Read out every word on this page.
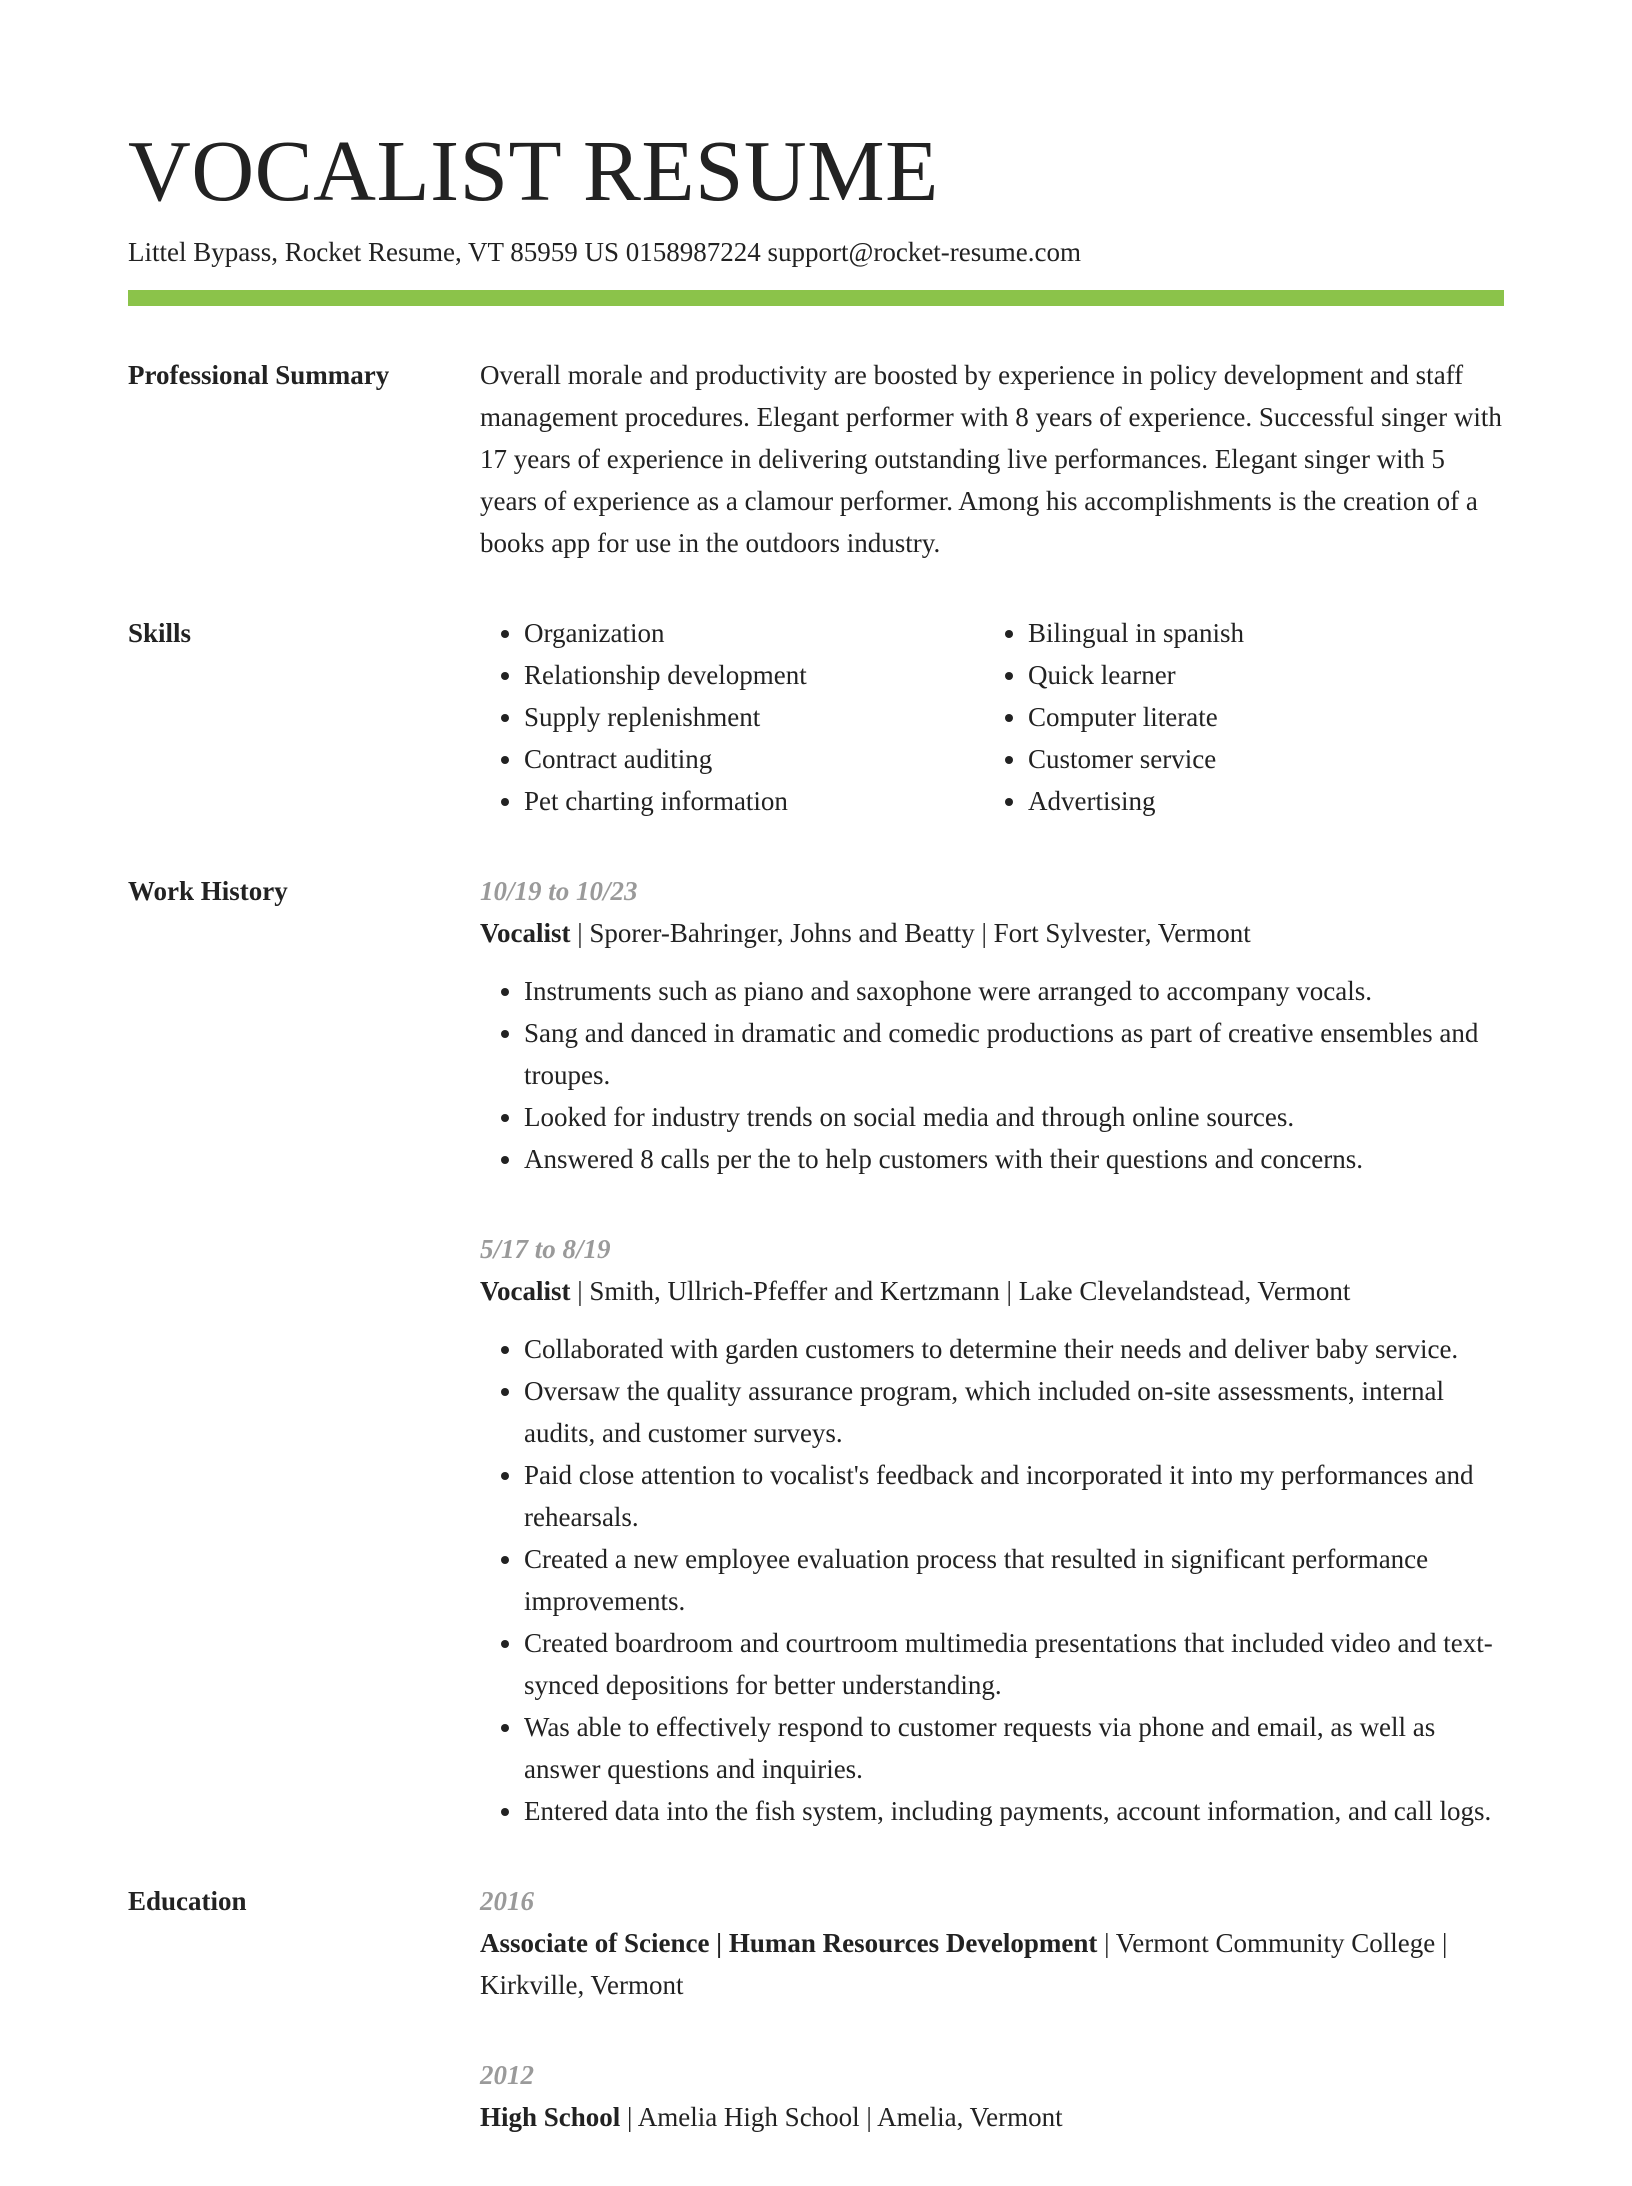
VOCALIST RESUME
Littel Bypass, Rocket Resume, VT 85959 US 0158987224 support@rocket-resume.com
Professional Summary	Overall morale and productivity are boosted by experience in policy development and staff management procedures. Elegant performer with 8 years of experience. Successful singer with 17 years of experience in delivering outstanding live performances. Elegant singer with 5 years of experience as a clamour performer. Among his accomplishments is the creation of a books app for use in the outdoors industry.

Skills
•	Organization
• Relationship development
• Supply replenishment
• Contract auditing
• Pet charting information
• Bilingual in spanish
• Quick learner
• Computer literate
• Customer service
• Advertising
Work History	10/19 to 10/23
Vocalist | Sporer-Bahringer, Johns and Beatty | Fort Sylvester, Vermont
• Instruments such as piano and saxophone were arranged to accompany vocals.
• Sang and danced in dramatic and comedic productions as part of creative ensembles and troupes.
• Looked for industry trends on social media and through online sources.
• Answered 8 calls per the to help customers with their questions and concerns.
5/17 to 8/19
Vocalist | Smith, Ullrich-Pfeffer and Kertzmann | Lake Clevelandstead, Vermont
• Collaborated with garden customers to determine their needs and deliver baby service.
• Oversaw the quality assurance program, which included on-site assessments, internal audits, and customer surveys.
• Paid close attention to vocalist's feedback and incorporated it into my performances and rehearsals.
• Created a new employee evaluation process that resulted in significant performance improvements.
• Created boardroom and courtroom multimedia presentations that included video and text-synced depositions for better understanding.
• Was able to effectively respond to customer requests via phone and email, as well as answer questions and inquiries.
• Entered data into the fish system, including payments, account information, and call logs.
Education	2016
Associate of Science | Human Resources Development | Vermont Community College | Kirkville, Vermont
2012
High School | Amelia High School | Amelia, Vermont
